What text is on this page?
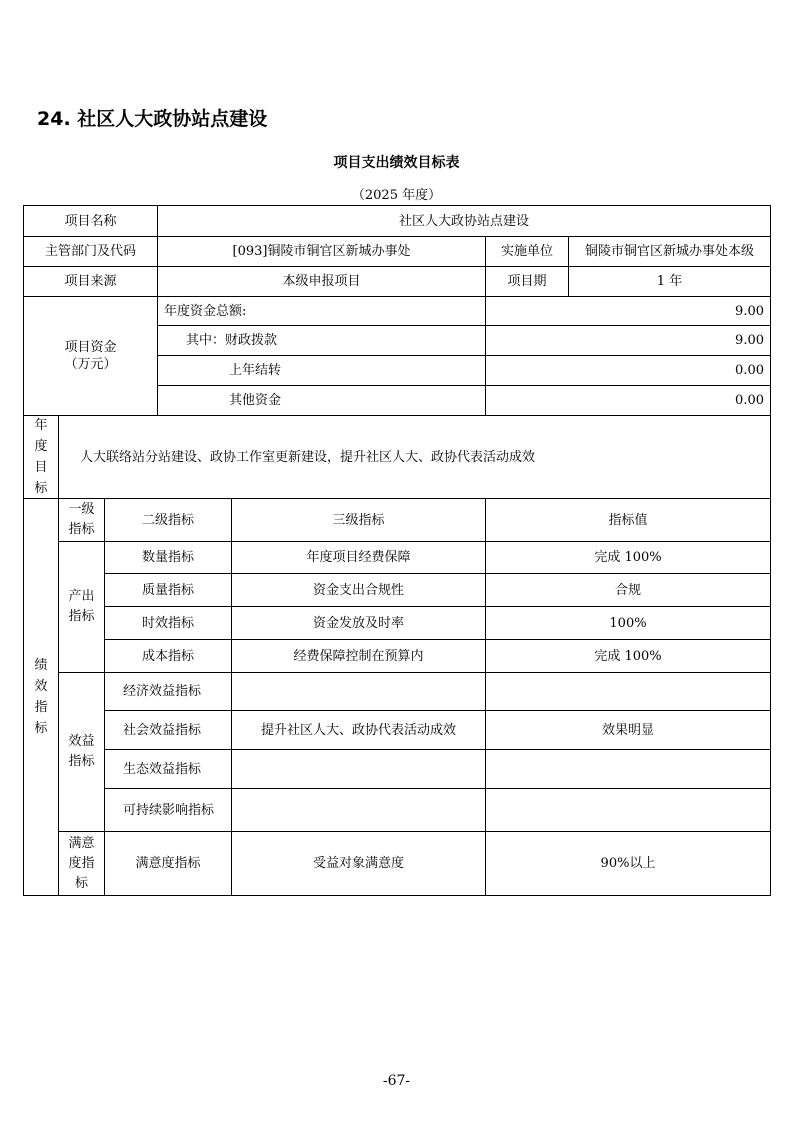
24. 社区人大政协站点建设
项目支出绩效目标表
（2025 年度）
项目名称	社区人大政协站点建设
主管部门及代码	[093]铜陵市铜官区新城办事处	实施单位	铜陵市铜官区新城办事处本级
项目来源	本级申报项目	项目期	1 年
项目资金
（万元）
年度资金总额:	9.00
其中：财政拨款	9.00
上年结转	0.00
其他资金	0.00
年度目标
人大联络站分站建设、政协工作室更新建设，提升社区人大、政协代表活动成效
绩效指标
一级指标
二级指标	三级指标	指标值
产出指标
数量指标	年度项目经费保障	完成 100%
质量指标	资金支出合规性	合规
时效指标	资金发放及时率	100%
成本指标	经费保障控制在预算内	完成 100%
效益指标
经济效益指标
社会效益指标	提升社区人大、政协代表活动成效	效果明显
生态效益指标
可持续影响指标
满意度指标
满意度指标	受益对象满意度	90%以上
-67-
